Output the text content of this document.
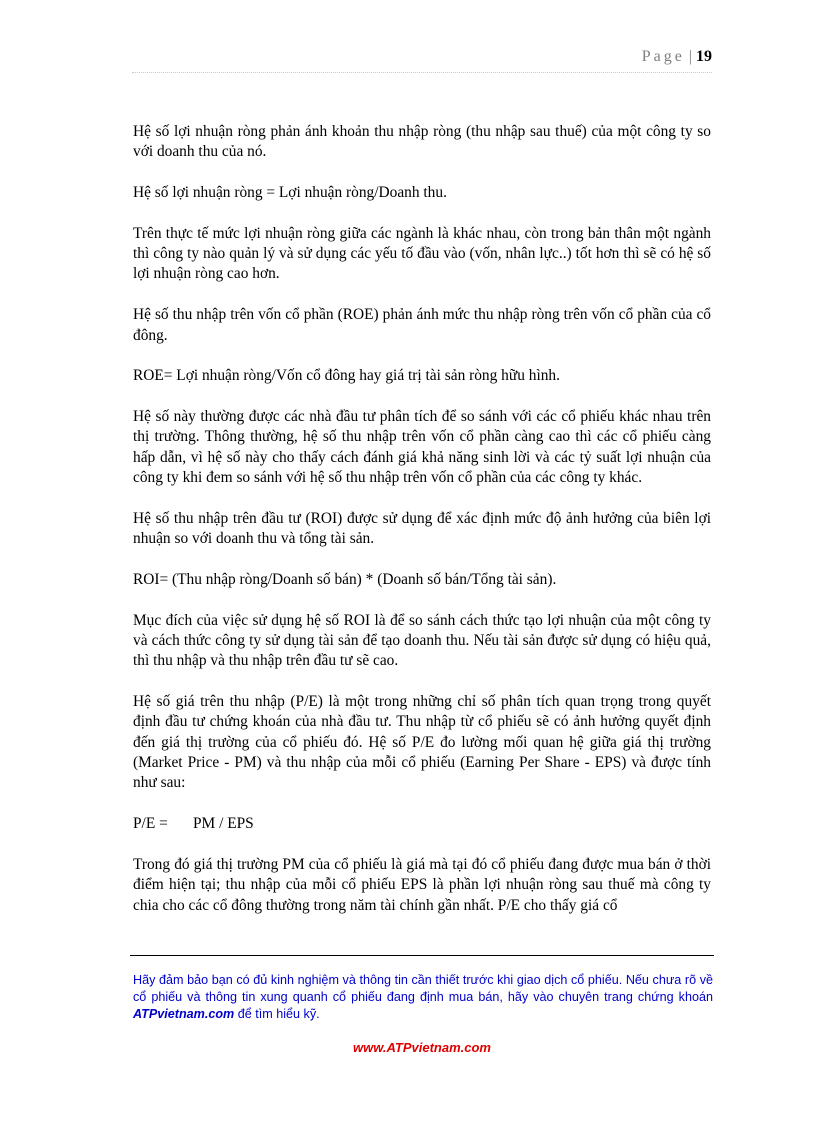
Page | 19

Hệ số lợi nhuận ròng phản ánh khoản thu nhập ròng (thu nhập sau thuế) của một công ty so với doanh thu của nó.

Hệ số lợi nhuận ròng = Lợi nhuận ròng/Doanh thu.

Trên thực tế mức lợi nhuận ròng giữa các ngành là khác nhau, còn trong bản thân một ngành thì công ty nào quản lý và sử dụng các yếu tố đầu vào (vốn, nhân lực..) tốt hơn thì sẽ có hệ số lợi nhuận ròng cao hơn.

Hệ số thu nhập trên vốn cổ phần (ROE) phản ánh mức thu nhập ròng trên vốn cổ phần của cổ đông.

ROE= Lợi nhuận ròng/Vốn cổ đông hay giá trị tài sản ròng hữu hình.

Hệ số này thường được các nhà đầu tư phân tích để so sánh với các cổ phiếu khác nhau trên thị trường. Thông thường, hệ số thu nhập trên vốn cổ phần càng cao thì các cổ phiếu càng hấp dẫn, vì hệ số này cho thấy cách đánh giá khả năng sinh lời và các tỷ suất lợi nhuận của công ty khi đem so sánh với hệ số thu nhập trên vốn cổ phần của các công ty khác.

Hệ số thu nhập trên đầu tư (ROI) được sử dụng để xác định mức độ ảnh hưởng của biên lợi nhuận so với doanh thu và tổng tài sản.

ROI= (Thu nhập ròng/Doanh số bán) * (Doanh số bán/Tổng tài sản).

Mục đích của việc sử dụng hệ số ROI là để so sánh cách thức tạo lợi nhuận của một công ty và cách thức công ty sử dụng tài sản để tạo doanh thu. Nếu tài sản được sử dụng có hiệu quả, thì thu nhập và thu nhập trên đầu tư sẽ cao.

Hệ số giá trên thu nhập (P/E) là một trong những chỉ số phân tích quan trọng trong quyết định đầu tư chứng khoán của nhà đầu tư. Thu nhập từ cổ phiếu sẽ có ảnh hưởng quyết định đến giá thị trường của cổ phiếu đó. Hệ số P/E đo lường mối quan hệ giữa giá thị trường (Market Price - PM) và thu nhập của mỗi cổ phiếu (Earning Per Share - EPS) và được tính như sau:

P/E = PM / EPS

Trong đó giá thị trường PM của cổ phiếu là giá mà tại đó cổ phiếu đang được mua bán ở thời điểm hiện tại; thu nhập của mỗi cổ phiếu EPS là phần lợi nhuận ròng sau thuế mà công ty chia cho các cổ đông thường trong năm tài chính gần nhất. P/E cho thấy giá cổ

Hãy đảm bảo bạn có đủ kinh nghiệm và thông tin cần thiết trước khi giao dịch cổ phiếu. Nếu chưa rõ về cổ phiếu và thông tin xung quanh cổ phiếu đang định mua bán, hãy vào chuyên trang chứng khoán ATPvietnam.com để tìm hiểu kỹ.
www.ATPvietnam.com
